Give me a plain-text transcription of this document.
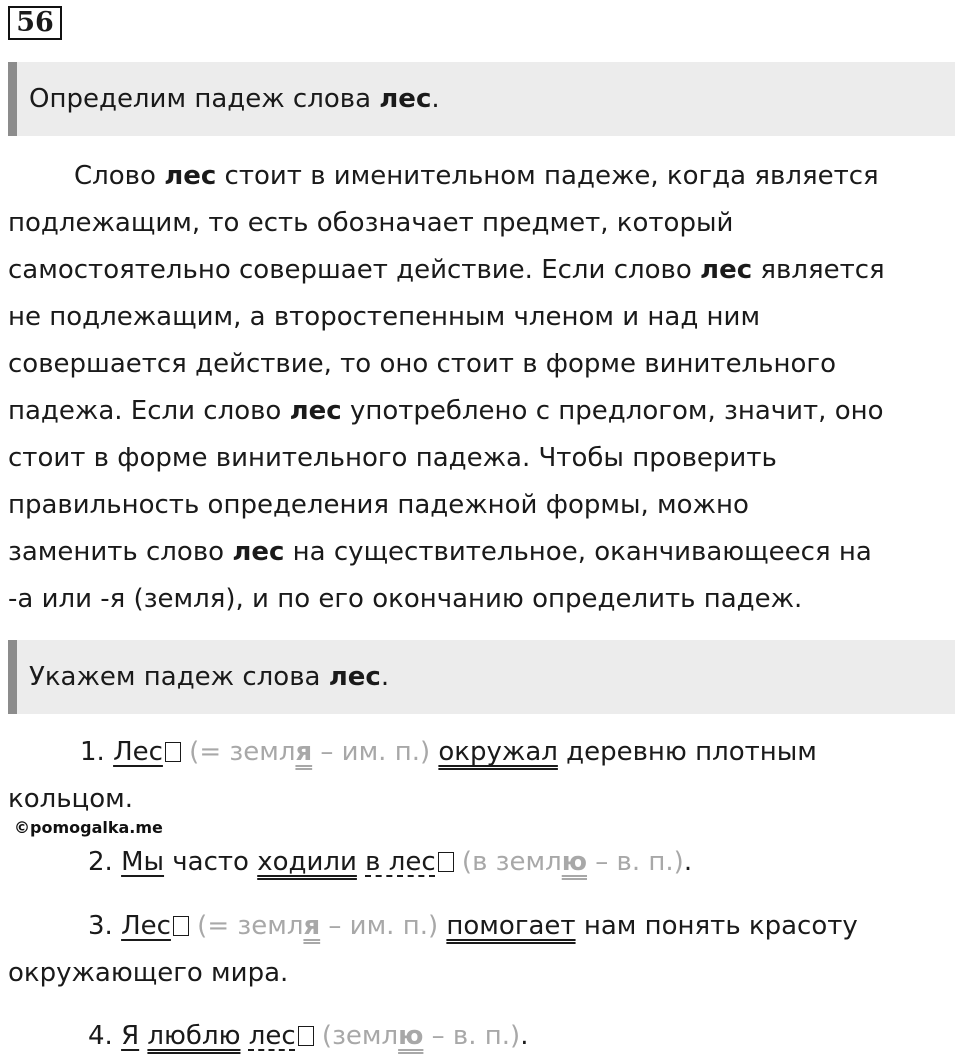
56
Определим падеж слова лес.
Слово лес стоит в именительном падеже, когда является
подлежащим, то есть обозначает предмет, который
самостоятельно совершает действие. Если слово лес является
не подлежащим, а второстепенным членом и над ним
совершается действие, то оно стоит в форме винительного
падежа. Если слово лес употреблено с предлогом, значит, оно
стоит в форме винительного падежа. Чтобы проверить
правильность определения падежной формы, можно
заменить слово лес на существительное, оканчивающееся на
-а или -я (земля), и по его окончанию определить падеж.
Укажем падеж слова лес.
1. Лес (= земля – им. п.) окружал деревню плотным
кольцом.
©pomogalka.me
2. Мы часто ходили в лес (в землю – в. п.).
3. Лес (= земля – им. п.) помогает нам понять красоту
окружающего мира.
4. Я люблю лес (землю – в. п.).
